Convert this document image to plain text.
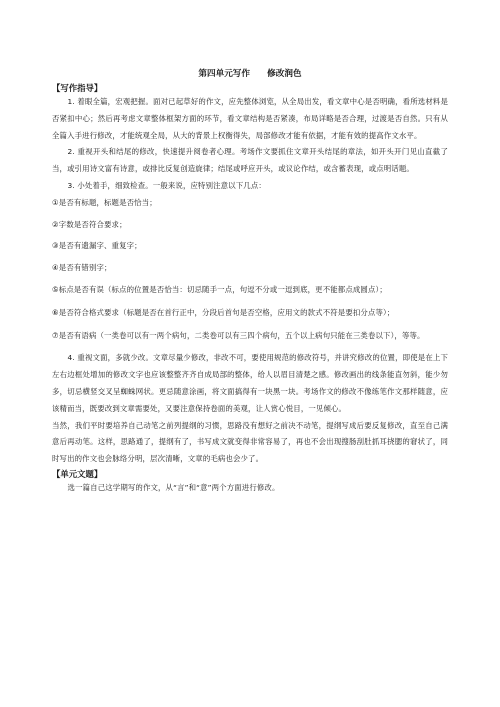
第四单元写作　　修改润色
【写作指导】

1. 着眼全篇，宏观把握。面对已起草好的作文，应先整体浏览，从全局出发，看文章中心是否明确，看所选材料是否紧扣中心；然后再考虑文章整体框架方面的环节，看文章结构是否紧凑，布局详略是否合理，过渡是否自然。只有从全篇入手进行修改，才能统观全局，从大的背景上权衡得失，局部修改才能有依据，才能有效的提高作文水平。

2. 重视开头和结尾的修改，快速提升阅卷者心理。考场作文要抓住文章开头结尾的章法，如开头开门见山直截了当，或引用诗文富有诗意，或排比反复创造旋律；结尾或呼应开头，或议论作结，或含蓄表现，或点明话题。

3. 小处着手，细致检查。一般来说，应特别注意以下几点：

①是否有标题，标题是否恰当；

②字数是否符合要求；

③是否有遗漏字、重复字；

④是否有错别字；

⑤标点是否有误（标点的位置是否恰当：切忌随手一点，句逗不分或一逗到底，更不能都点成圆点）；

⑥是否符合格式要求（标题是否在首行正中，分段后首句是否空格，应用文的款式不符是要扣分点等）；

⑦是否有语病（一类卷可以有一两个病句，二类卷可以有三四个病句，五个以上病句只能在三类卷以下），等等。

4. 重视文面，多就少改。文章尽量少修改，非改不可，要使用规范的修改符号，并讲究修改的位置，即使是在上下左右边框处增加的修改文字也应该整整齐齐自成局部的整体，给人以眉目清楚之感。修改画出的线条能直勿斜，能少勿多，切忌横竖交叉呈蜘蛛网状。更忌随意涂画，将文面搞得有一块黑一块。考场作文的修改不像练笔作文那样随意，应该精而当，既要改到文章需要处，又要注意保持卷面的美观，让人赏心悦目，一见倾心。

当然，我们平时要培养自己动笔之前列提纲的习惯，思路没有想好之前决不动笔，提纲写成后要反复修改，直至自己满意后再动笔。这样，思路通了，提纲有了，书写成文就变得非常容易了，再也不会出现搜肠刮肚抓耳挠腮的窘状了，同时写出的作文也会脉络分明，层次清晰，文章的毛病也会少了。

【单元文题】

选一篇自己这学期写的作文，从“言”和“意”两个方面进行修改。
